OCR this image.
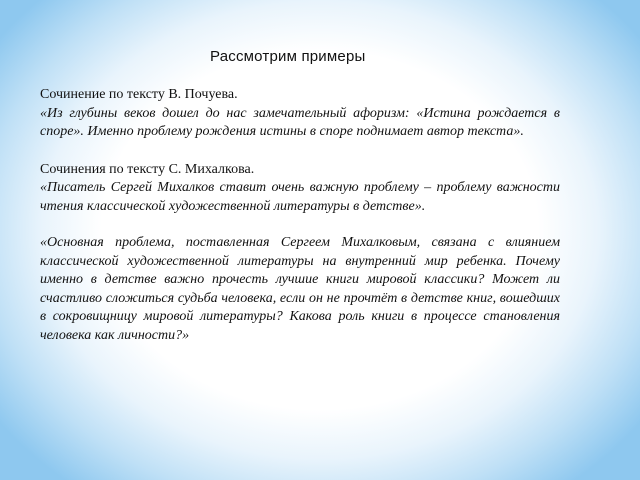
Рассмотрим примеры

Сочинение по тексту В. Почуева.

«Из глубины веков дошел до нас замечательный афоризм: «Истина рождается в споре». Именно проблему рождения истины в споре поднимает автор текста».

Сочинения по тексту С. Михалкова.

«Писатель Сергей Михалков ставит очень важную проблему – проблему важности чтения классической художественной литературы в детстве».

«Основная проблема, поставленная Сергеем Михалковым, связана с влиянием классической художественной литературы на внутренний мир ребенка. Почему именно в детстве важно прочесть лучшие книги мировой классики? Может ли счастливо сложиться судьба человека, если он не прочтёт в детстве книг, вошедших в сокровищницу мировой литературы? Какова роль книги в процессе становления человека как личности?»
